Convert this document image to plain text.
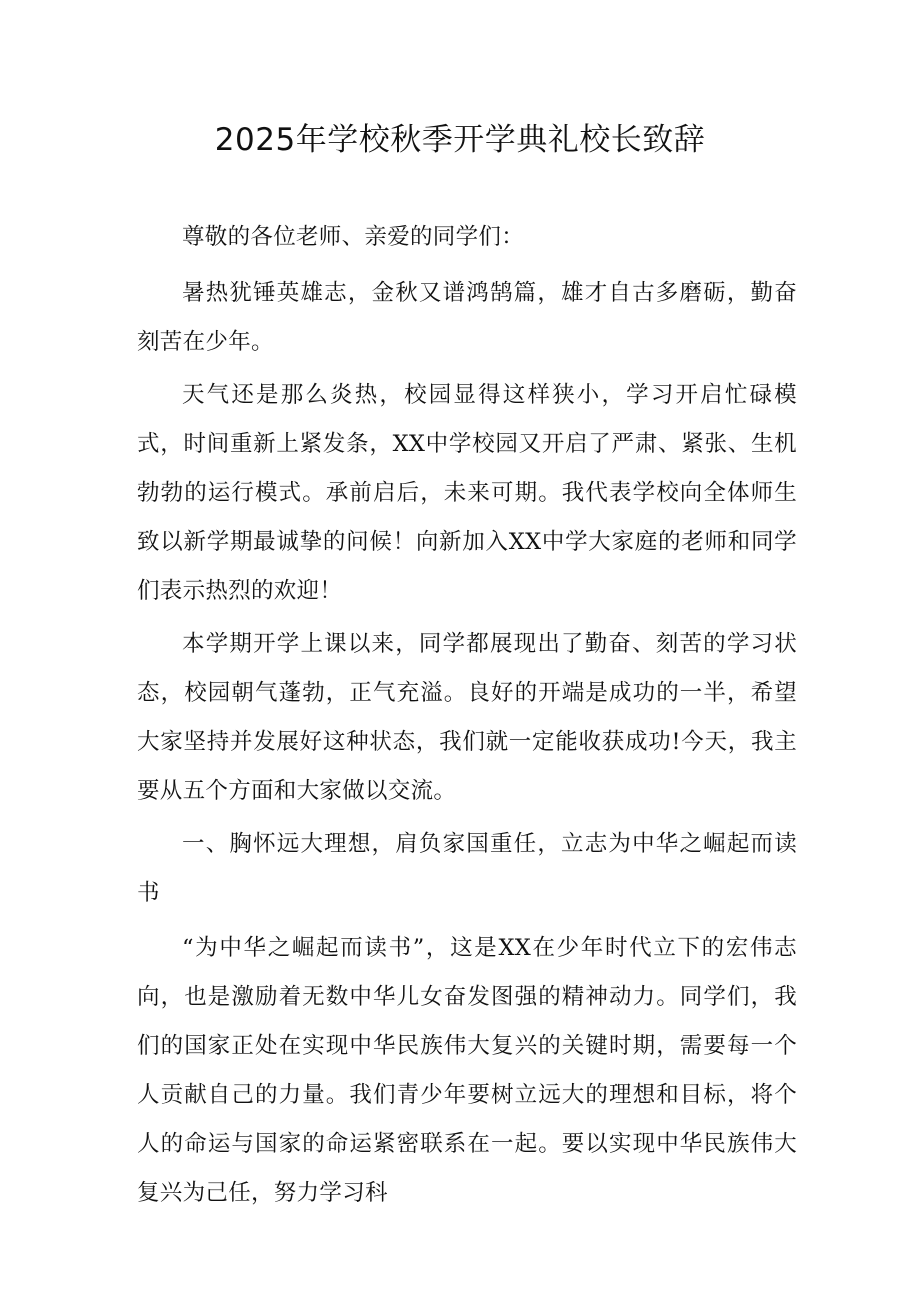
2025年学校秋季开学典礼校长致辞

尊敬的各位老师、亲爱的同学们：

暑热犹锤英雄志，金秋又谱鸿鹄篇，雄才自古多磨砺，勤奋刻苦在少年。

天气还是那么炎热，校园显得这样狭小，学习开启忙碌模式，时间重新上紧发条，XX中学校园又开启了严肃、紧张、生机勃勃的运行模式。承前启后，未来可期。我代表学校向全体师生致以新学期最诚挚的问候！向新加入XX中学大家庭的老师和同学们表示热烈的欢迎！

本学期开学上课以来，同学都展现出了勤奋、刻苦的学习状态，校园朝气蓬勃，正气充溢。良好的开端是成功的一半，希望大家坚持并发展好这种状态，我们就一定能收获成功!今天，我主要从五个方面和大家做以交流。

一、胸怀远大理想，肩负家国重任，立志为中华之崛起而读书

“为中华之崛起而读书”，这是XX在少年时代立下的宏伟志向，也是激励着无数中华儿女奋发图强的精神动力。同学们，我们的国家正处在实现中华民族伟大复兴的关键时期，需要每一个人贡献自己的力量。我们青少年要树立远大的理想和目标，将个人的命运与国家的命运紧密联系在一起。要以实现中华民族伟大复兴为己任，努力学习科
